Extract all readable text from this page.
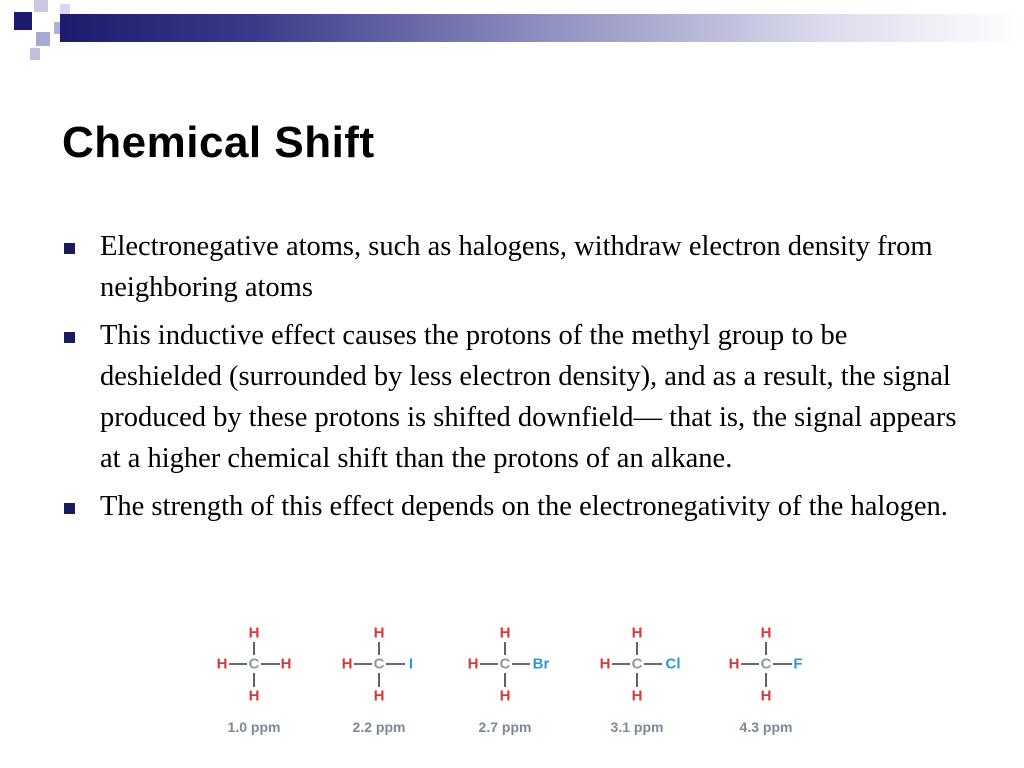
Chemical Shift
Electronegative atoms, such as halogens, withdraw electron density from neighboring atoms
This inductive effect causes the protons of the methyl group to be deshielded (surrounded by less electron density), and as a result, the signal produced by these protons is shifted downfield— that is, the signal appears at a higher chemical shift than the protons of an alkane.
The strength of this effect depends on the electronegativity of the halogen.
H
C
H
H	H
1.0 ppm
H
C
H
H	I
2.2 ppm
H
C
H
H	Br
2.7 ppm
H
C
H
H	Cl
3.1 ppm
H
C
H
H	F
4.3 ppm
